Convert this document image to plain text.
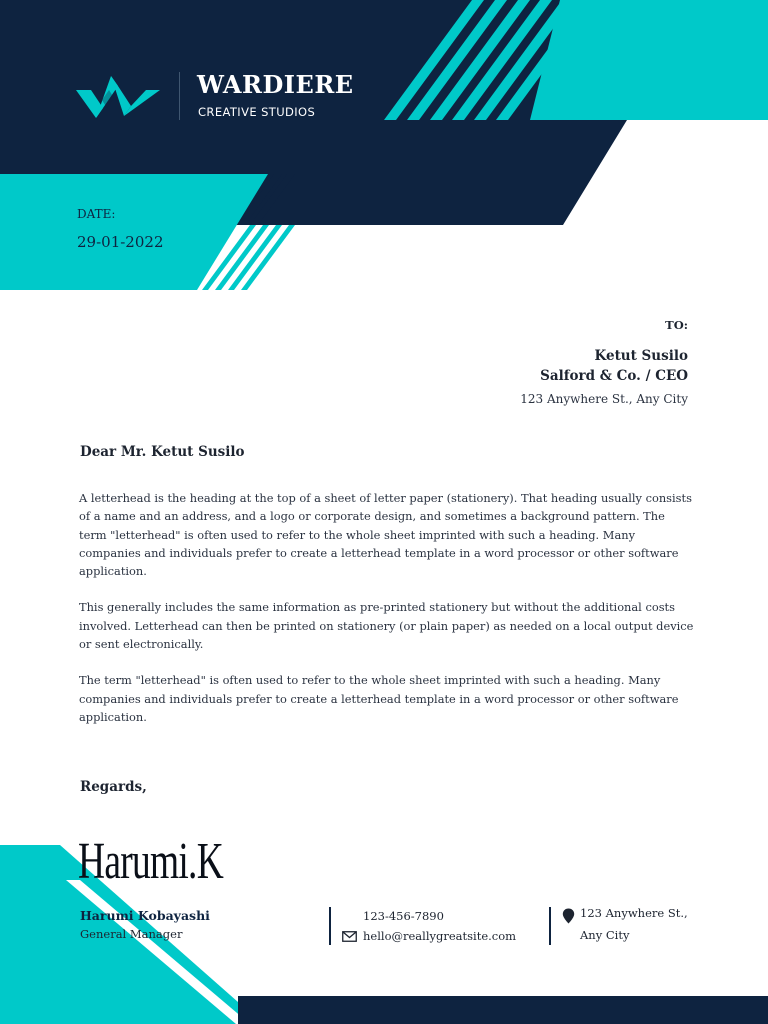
WARDIERE
CREATIVE STUDIOS
DATE:
29-01-2022
TO:
Ketut Susilo
Salford & Co. / CEO
123 Anywhere St., Any City
Dear Mr. Ketut Susilo

A letterhead is the heading at the top of a sheet of letter paper (stationery). That heading usually consists of a name and an address, and a logo or corporate design, and sometimes a background pattern. The term "letterhead" is often used to refer to the whole sheet imprinted with such a heading. Many companies and individuals prefer to create a letterhead template in a word processor or other software application.

This generally includes the same information as pre-printed stationery but without the additional costs involved. Letterhead can then be printed on stationery (or plain paper) as needed on a local output device or sent electronically.

The term "letterhead" is often used to refer to the whole sheet imprinted with such a heading. Many companies and individuals prefer to create a letterhead template in a word processor or other software application.

Regards,
Harumi.K
Harumi Kobayashi
General Manager
123-456-7890
hello@reallygreatsite.com
123 Anywhere St.,
Any City
